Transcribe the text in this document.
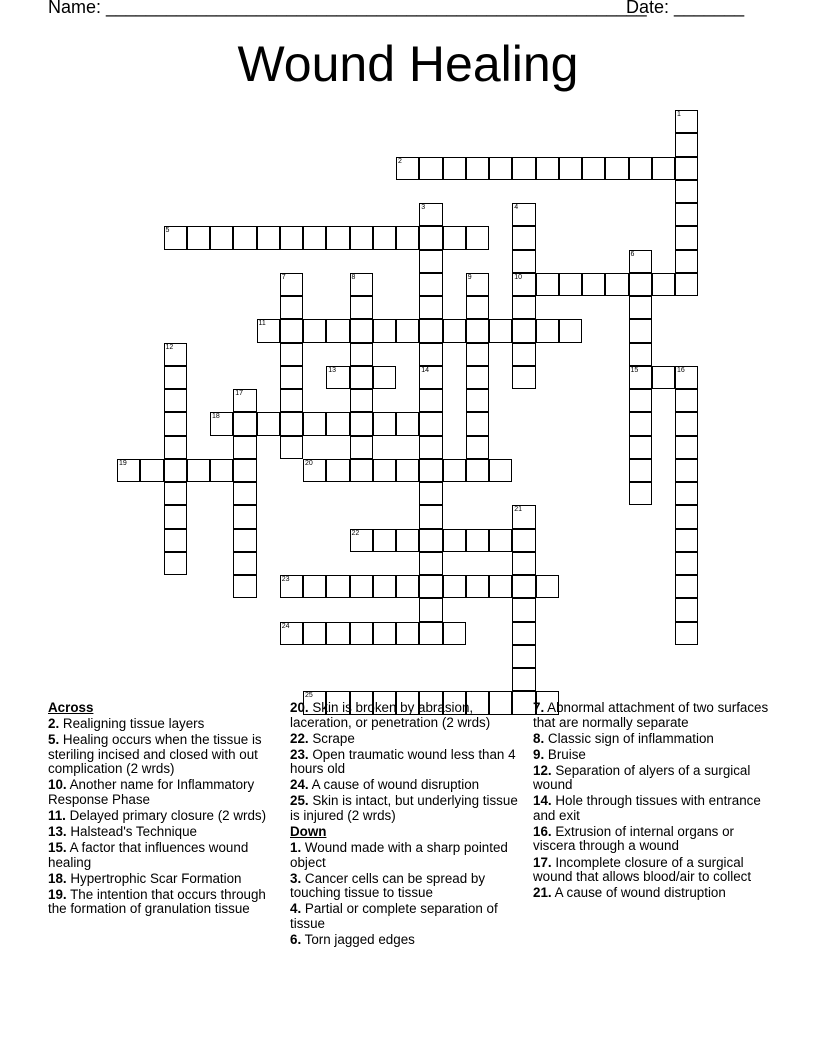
Name: ______________________________________________________
Date: _______
Wound Healing
1
2
3
14
4
10
5
6
15
7	8	9
11
12
13	16
17
18
19	20
21
22
23
24
25
Across
2. Realigning tissue layers
5. Healing occurs when the tissue is steriling incised and closed with out complication (2 wrds)
10. Another name for Inflammatory Response Phase
11. Delayed primary closure (2 wrds)
13. Halstead's Technique
15. A factor that influences wound healing
18. Hypertrophic Scar Formation
19. The intention that occurs through the formation of granulation tissue
20. Skin is broken by abrasion, laceration, or penetration (2 wrds)
22. Scrape
23. Open traumatic wound less than 4 hours old
24. A cause of wound disruption
25. Skin is intact, but underlying tissue is injured (2 wrds)
Down
1. Wound made with a sharp pointed object
3. Cancer cells can be spread by touching tissue to tissue
4. Partial or complete separation of tissue
6. Torn jagged edges
7. Abnormal attachment of two surfaces that are normally separate
8. Classic sign of inflammation
9. Bruise
12. Separation of alyers of a surgical wound
14. Hole through tissues with entrance and exit
16. Extrusion of internal organs or viscera through a wound
17. Incomplete closure of a surgical wound that allows blood/air to collect
21. A cause of wound distruption
